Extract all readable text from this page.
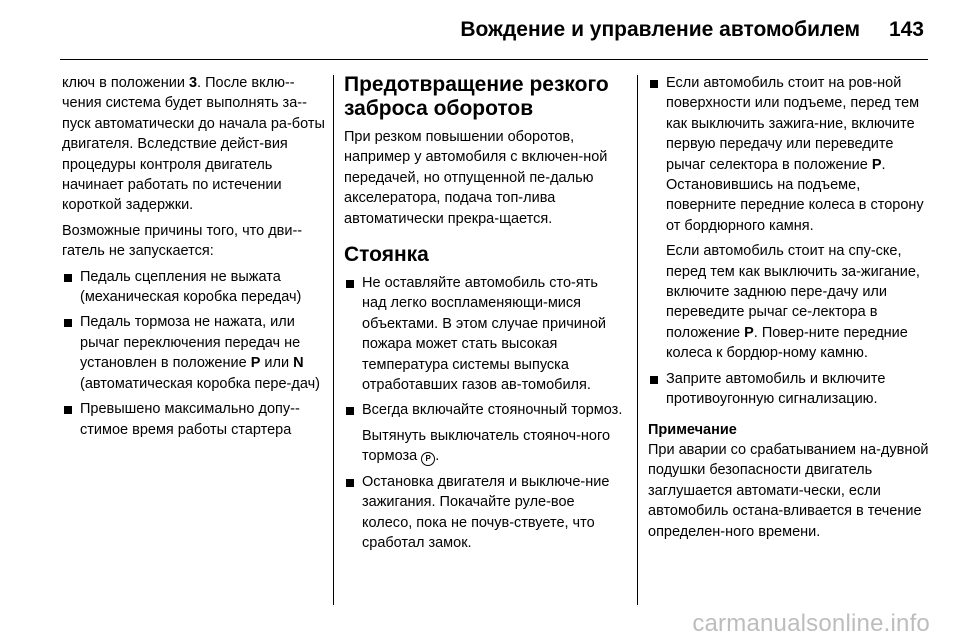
Вождение и управление автомобилем 143

ключ в положении 3. После вклю-чения система будет выполнять за-пуск автоматически до начала ра-боты двигателя. Вследствие дейст-вия процедуры контроля двигатель начинает работать по истечении короткой задержки.

Возможные причины того, что дви-гатель не запускается:

Педаль сцепления не выжата (механическая коробка передач)

Педаль тормоза не нажата, или рычаг переключения передач не установлен в положение P или N (автоматическая коробка пере-дач)

Превышено максимально допу-стимое время работы стартера

Предотвращение резкого заброса оборотов

При резком повышении оборотов, например у автомобиля с включен-ной передачей, но отпущенной пе-далью акселератора, подача топ-лива автоматически прекра-щается.

Стоянка

Не оставляйте автомобиль сто-ять над легко воспламеняющи-мися объектами. В этом случае причиной пожара может стать высокая температура системы выпуска отработавших газов ав-томобиля.

Всегда включайте стояночный тормоз.

Вытянуть выключатель стояноч-ного тормоза P .

Остановка двигателя и выключе-ние зажигания. Покачайте руле-вое колесо, пока не почув-ствуете, что сработал замок.

Если автомобиль стоит на ров-ной поверхности или подъеме, перед тем как выключить зажига-ние, включите первую передачу или переведите рычаг селектора в положение P. Остановившись на подъеме, поверните передние колеса в сторону от бордюрного камня.

Если автомобиль стоит на спу-ске, перед тем как выключить за-жигание, включите заднюю пере-дачу или переведите рычаг се-лектора в положение P. Повер-ните передние колеса к бордюр-ному камню.

Заприте автомобиль и включите противоугонную сигнализацию.

Примечание

При аварии со срабатыванием на-дувной подушки безопасности двигатель заглушается автомати-чески, если автомобиль остана-вливается в течение определен-ного времени.

carmanualsonline.info
